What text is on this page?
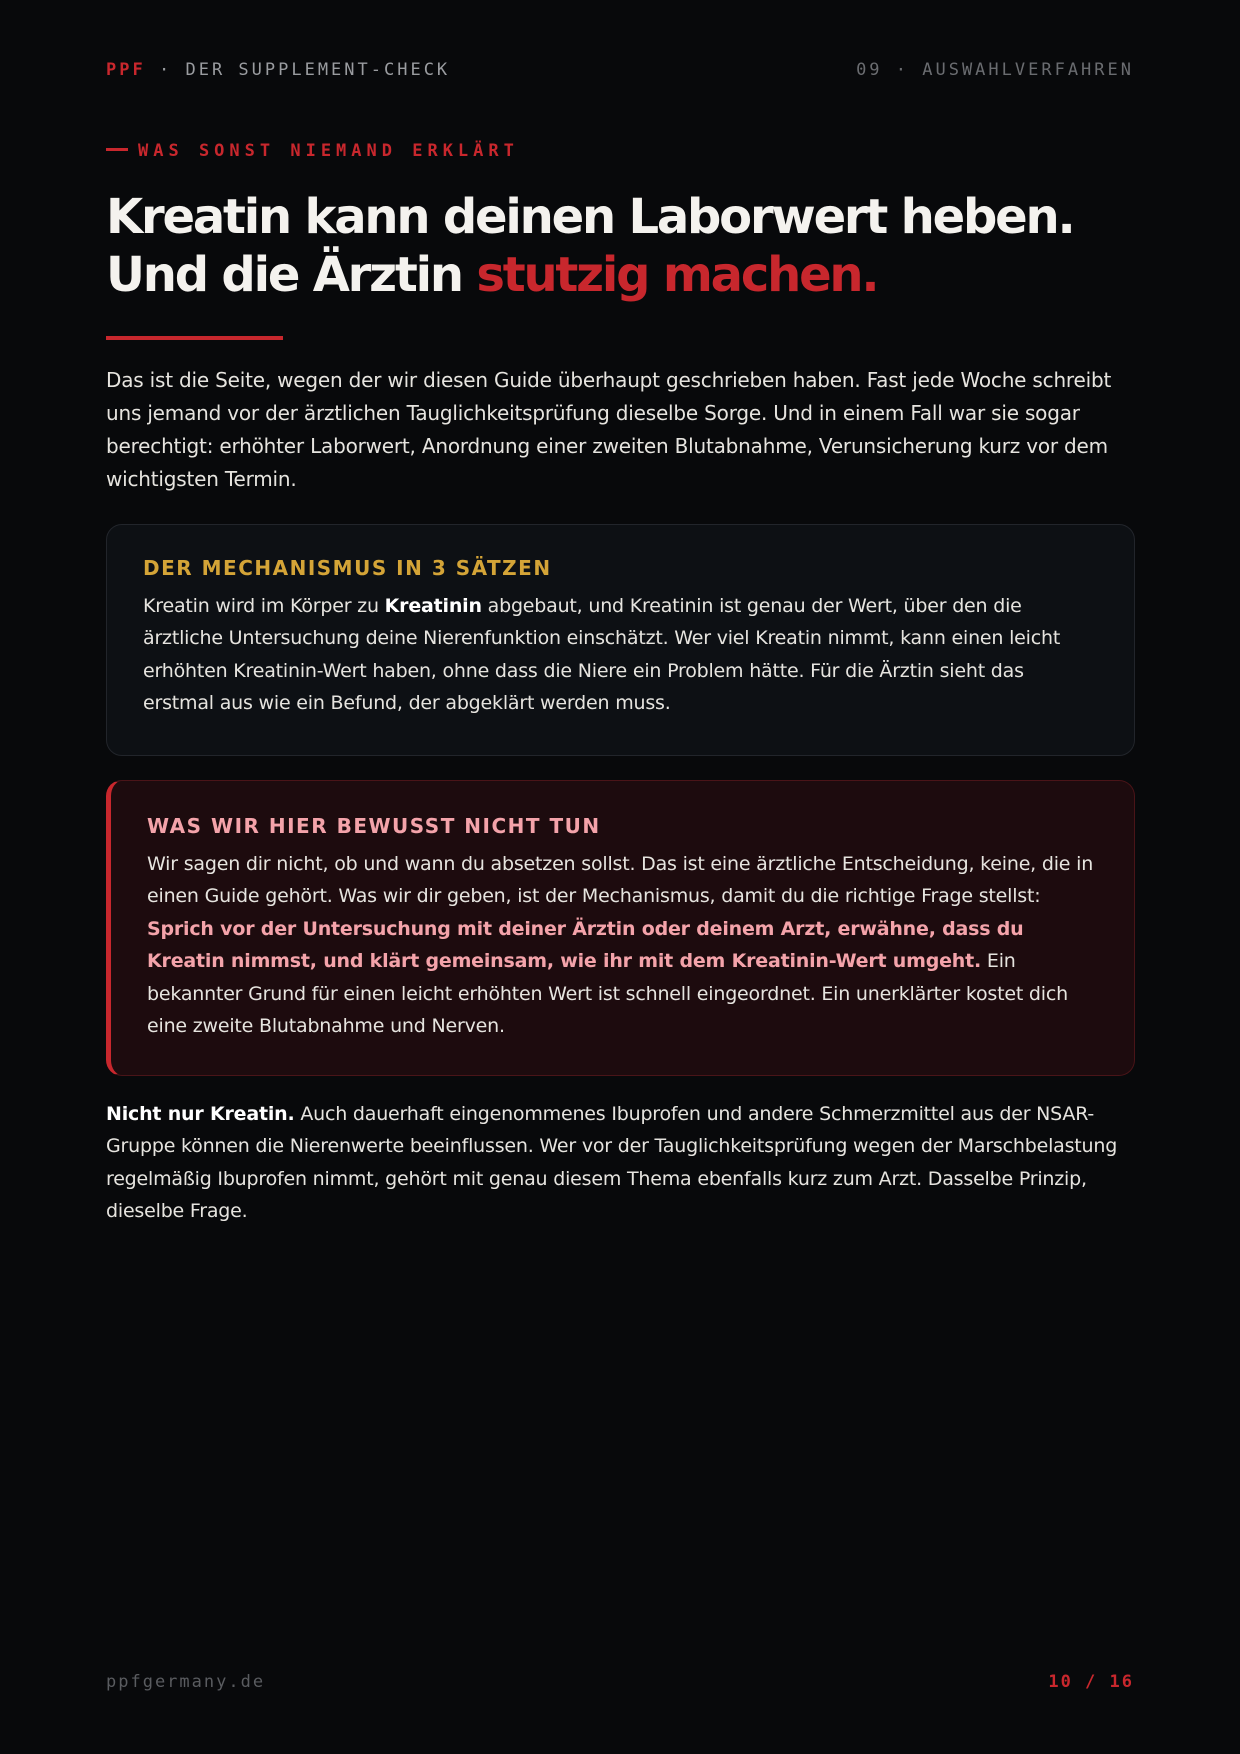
PPF · DER SUPPLEMENT-CHECK	09 · AUSWAHLVERFAHREN
WAS SONST NIEMAND ERKLÄRT
Kreatin kann deinen Laborwert heben.
Und die Ärztin stutzig machen.

Das ist die Seite, wegen der wir diesen Guide überhaupt geschrieben haben. Fast jede Woche schreibt uns jemand vor der ärztlichen Tauglichkeitsprüfung dieselbe Sorge. Und in einem Fall war sie sogar berechtigt: erhöhter Laborwert, Anordnung einer zweiten Blutabnahme, Verunsicherung kurz vor dem wichtigsten Termin.

DER MECHANISMUS IN 3 SÄTZEN

Kreatin wird im Körper zu Kreatinin abgebaut, und Kreatinin ist genau der Wert, über den die ärztliche Untersuchung deine Nierenfunktion einschätzt. Wer viel Kreatin nimmt, kann einen leicht erhöhten Kreatinin-Wert haben, ohne dass die Niere ein Problem hätte. Für die Ärztin sieht das erstmal aus wie ein Befund, der abgeklärt werden muss.

WAS WIR HIER BEWUSST NICHT TUN

Wir sagen dir nicht, ob und wann du absetzen sollst. Das ist eine ärztliche Entscheidung, keine, die in einen Guide gehört. Was wir dir geben, ist der Mechanismus, damit du die richtige Frage stellst: Sprich vor der Untersuchung mit deiner Ärztin oder deinem Arzt, erwähne, dass du Kreatin nimmst, und klärt gemeinsam, wie ihr mit dem Kreatinin-Wert umgeht. Ein bekannter Grund für einen leicht erhöhten Wert ist schnell eingeordnet. Ein unerklärter kostet dich eine zweite Blutabnahme und Nerven.

Nicht nur Kreatin. Auch dauerhaft eingenommenes Ibuprofen und andere Schmerzmittel aus der NSAR-Gruppe können die Nierenwerte beeinflussen. Wer vor der Tauglichkeitsprüfung wegen der Marschbelastung regelmäßig Ibuprofen nimmt, gehört mit genau diesem Thema ebenfalls kurz zum Arzt. Dasselbe Prinzip, dieselbe Frage.

ppfgermany.de	10 / 16
